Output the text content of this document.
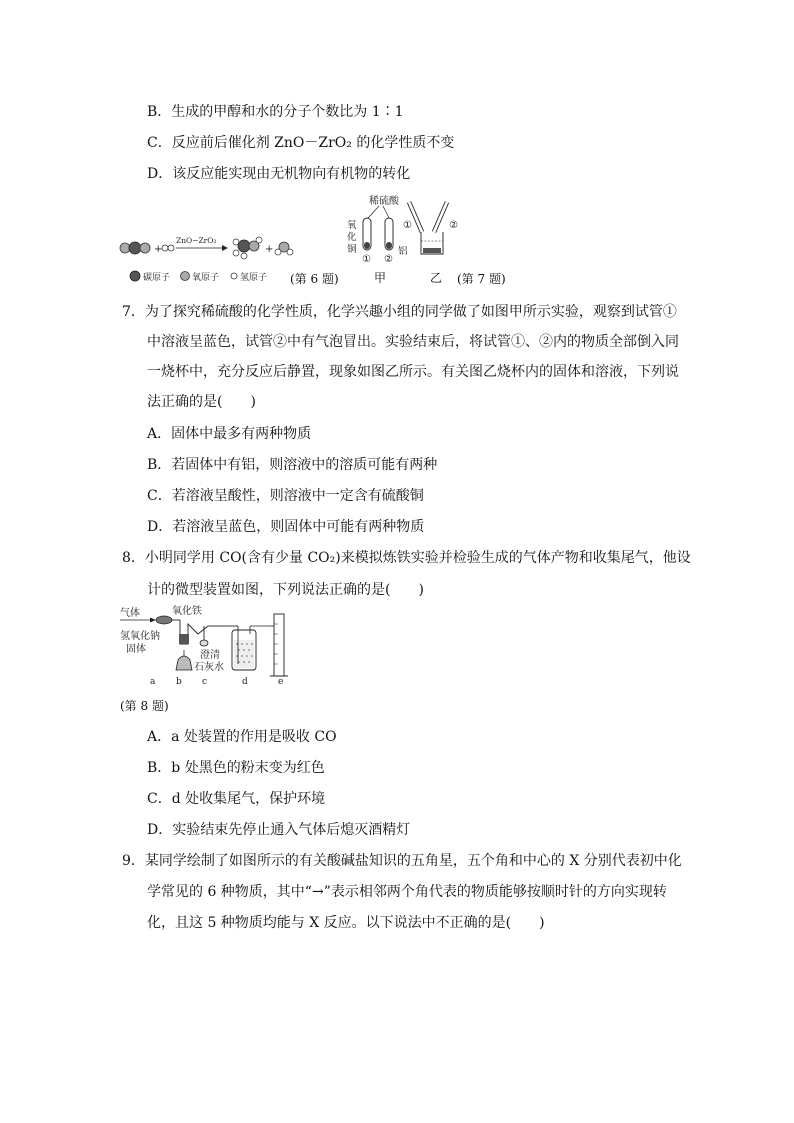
B．生成的甲醇和水的分子个数比为 1∶1
C．反应前后催化剂 ZnO－ZrO₂ 的化学性质不变
D．该反应能实现由无机物向有机物的转化
+
ZnO−ZrO₂
+
碳原子 氧原子 氢原子 (第 6 题)
稀硫酸
氧
化
铜
① ②
铝
①	②
甲	乙 (第 7 题)
7．为了探究稀硫酸的化学性质，化学兴趣小组的同学做了如图甲所示实验，观察到试管①
中溶液呈蓝色，试管②中有气泡冒出。实验结束后，将试管①、②内的物质全部倒入同
一烧杯中，充分反应后静置，现象如图乙所示。有关图乙烧杯内的固体和溶液，下列说
法正确的是(　　)
A．固体中最多有两种物质
B．若固体中有铝，则溶液中的溶质可能有两种
C．若溶液呈酸性，则溶液中一定含有硫酸铜
D．若溶液呈蓝色，则固体中可能有两种物质
8．小明同学用 CO(含有少量 CO₂)来模拟炼铁实验并检验生成的气体产物和收集尾气，他设
计的微型装置如图，下列说法正确的是(　　)
气体	氧化铁
氢氧化钠
固体
澄清
石灰水
a b c	d	e
(第 8 题)
A．a 处装置的作用是吸收 CO
B．b 处黑色的粉末变为红色
C．d 处收集尾气，保护环境
D．实验结束先停止通入气体后熄灭酒精灯
9．某同学绘制了如图所示的有关酸碱盐知识的五角星，五个角和中心的 X 分别代表初中化
学常见的 6 种物质，其中“→”表示相邻两个角代表的物质能够按顺时针的方向实现转
化，且这 5 种物质均能与 X 反应。以下说法中不正确的是(　　)
